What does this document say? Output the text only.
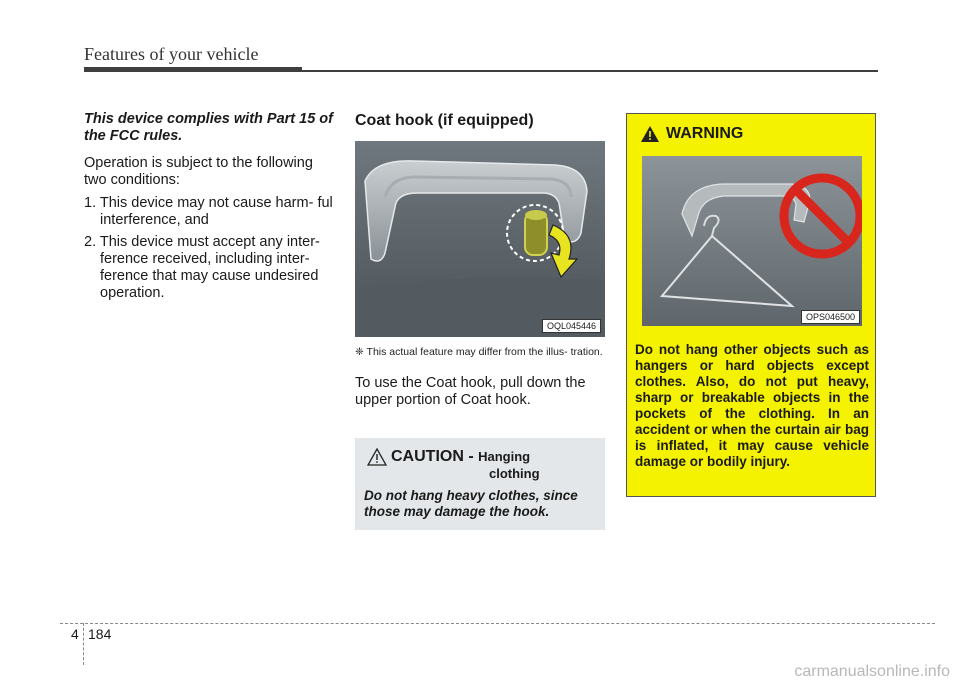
Features of your vehicle

This device complies with Part 15 of the FCC rules.

Operation is subject to the following two conditions:

1. This device may not cause harm- ful interference, and
2. This device must accept any inter- ference received, including inter- ference that may cause undesired operation.
Coat hook (if equipped)
OQL045446
❈ This actual feature may differ from the illus- tration.
To use the Coat hook, pull down the upper portion of Coat hook.
CAUTION - Hanging
clothing
Do not hang heavy clothes, since those may damage the hook.
WARNING
OPS046500
Do not hang other objects such as hangers or hard objects except clothes. Also, do not put heavy, sharp or breakable objects in the pockets of the clothing. In an accident or when the curtain air bag is inflated, it may cause vehicle damage or bodily injury.
4 184
carmanualsonline.info
